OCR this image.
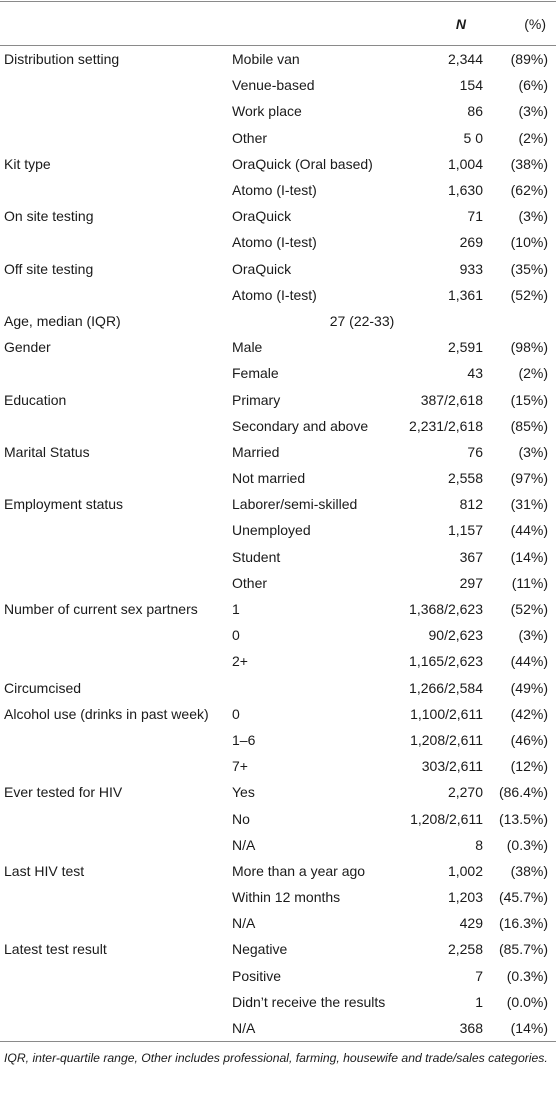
		N	(%)

Distribution setting	Mobile van	2,344	(89%)
	Venue-based	154	(6%)
	Work place	86	(3%)
	Other	5 0	(2%)
Kit type	OraQuick (Oral based)	1,004	(38%)
	Atomo (I-test)	1,630	(62%)
On site testing	OraQuick	71	(3%)
	Atomo (I-test)	269	(10%)
Off site testing	OraQuick	933	(35%)
	Atomo (I-test)	1,361	(52%)
Age, median (IQR)	27 (22-33)		
Gender	Male	2,591	(98%)
	Female	43	(2%)
Education	Primary	387/2,618	(15%)
	Secondary and above	2,231/2,618	(85%)
Marital Status	Married	76	(3%)
	Not married	2,558	(97%)
Employment status	Laborer/semi-skilled	812	(31%)
	Unemployed	1,157	(44%)
	Student	367	(14%)
	Other	297	(11%)
Number of current sex partners	1	1,368/2,623	(52%)
	0	90/2,623	(3%)
	2+	1,165/2,623	(44%)
Circumcised		1,266/2,584	(49%)
Alcohol use (drinks in past week)	0	1,100/2,611	(42%)
	1–6	1,208/2,611	(46%)
	7+	303/2,611	(12%)
Ever tested for HIV	Yes	2,270	(86.4%)
	No	1,208/2,611	(13.5%)
	N/A	8	(0.3%)
Last HIV test	More than a year ago	1,002	(38%)
	Within 12 months	1,203	(45.7%)
	N/A	429	(16.3%)
Latest test result	Negative	2,258	(85.7%)
	Positive	7	(0.3%)
	Didn’t receive the results	1	(0.0%)
	N/A	368	(14%)
IQR, inter-quartile range, Other includes professional, farming, housewife and trade/sales categories.
